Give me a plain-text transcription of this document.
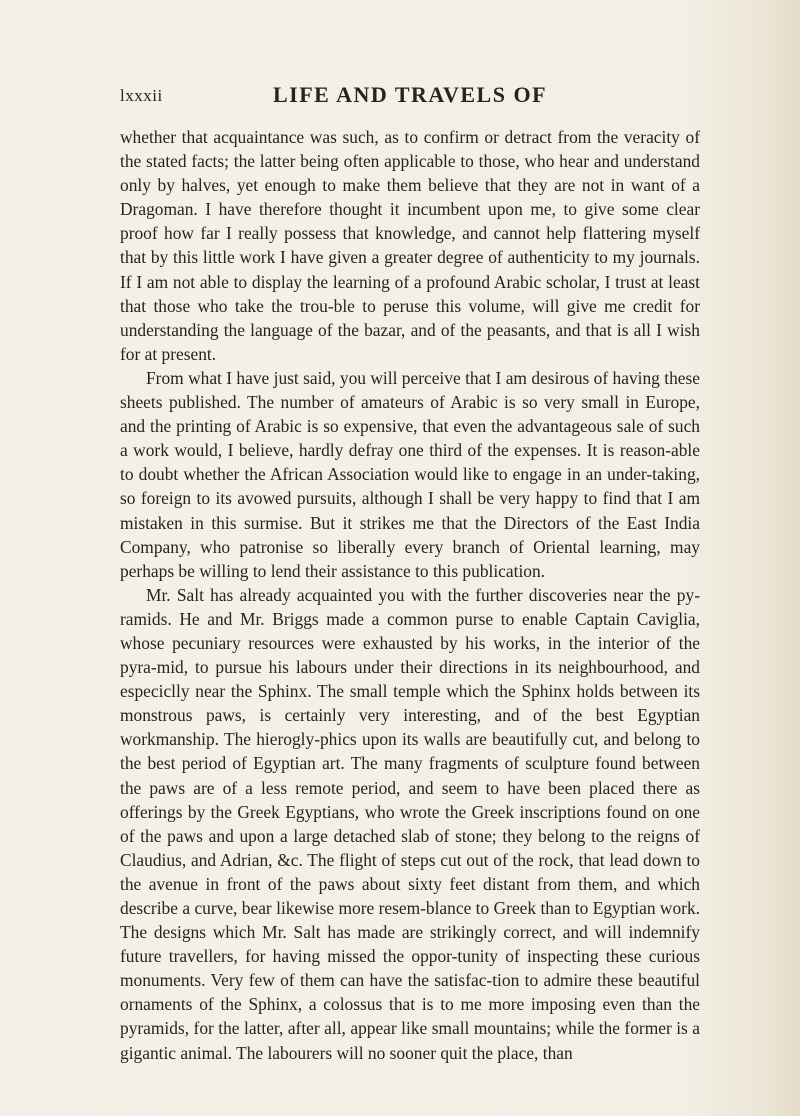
lxxxii	LIFE AND TRAVELS OF

whether that acquaintance was such, as to confirm or detract from the veracity of the stated facts; the latter being often applicable to those, who hear and understand only by halves, yet enough to make them believe that they are not in want of a Dragoman. I have therefore thought it incumbent upon me, to give some clear proof how far I really possess that knowledge, and cannot help flattering myself that by this little work I have given a greater degree of authenticity to my journals. If I am not able to display the learning of a profound Arabic scholar, I trust at least that those who take the trou-ble to peruse this volume, will give me credit for understanding the language of the bazar, and of the peasants, and that is all I wish for at present.

From what I have just said, you will perceive that I am desirous of having these sheets published. The number of amateurs of Arabic is so very small in Europe, and the printing of Arabic is so expensive, that even the advantageous sale of such a work would, I believe, hardly defray one third of the expenses. It is reason-able to doubt whether the African Association would like to engage in an under-taking, so foreign to its avowed pursuits, although I shall be very happy to find that I am mistaken in this surmise. But it strikes me that the Directors of the East India Company, who patronise so liberally every branch of Oriental learning, may perhaps be willing to lend their assistance to this publication.

Mr. Salt has already acquainted you with the further discoveries near the py-ramids. He and Mr. Briggs made a common purse to enable Captain Caviglia, whose pecuniary resources were exhausted by his works, in the interior of the pyra-mid, to pursue his labours under their directions in its neighbourhood, and especiclly near the Sphinx. The small temple which the Sphinx holds between its monstrous paws, is certainly very interesting, and of the best Egyptian workmanship. The hierogly-phics upon its walls are beautifully cut, and belong to the best period of Egyptian art. The many fragments of sculpture found between the paws are of a less remote period, and seem to have been placed there as offerings by the Greek Egyptians, who wrote the Greek inscriptions found on one of the paws and upon a large detached slab of stone; they belong to the reigns of Claudius, and Adrian, &c. The flight of steps cut out of the rock, that lead down to the avenue in front of the paws about sixty feet distant from them, and which describe a curve, bear likewise more resem-blance to Greek than to Egyptian work. The designs which Mr. Salt has made are strikingly correct, and will indemnify future travellers, for having missed the oppor-tunity of inspecting these curious monuments. Very few of them can have the satisfac-tion to admire these beautiful ornaments of the Sphinx, a colossus that is to me more imposing even than the pyramids, for the latter, after all, appear like small mountains; while the former is a gigantic animal. The labourers will no sooner quit the place, than
